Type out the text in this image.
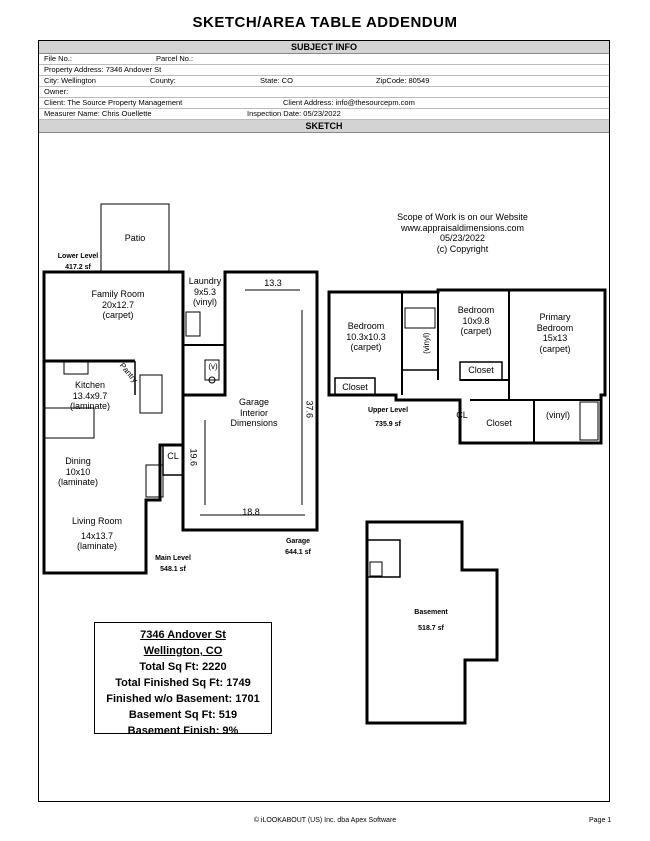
SKETCH/AREA TABLE ADDENDUM
SUBJECT INFO
File No.:	Parcel No.:
Property Address: 7346 Andover St
City: Wellington	County:	State: CO	ZipCode: 80549
Owner:
Client: The Source Property Management	Client Address: info@thesourcepm.com
Measurer Name: Chris Ouellette	Inspection Date: 05/23/2022
SKETCH
Scope of Work is on our Website
www.appraisaldimensions.com
05/23/2022
(c) Copyright
Patio
Lower Level
417.2 sf
Family Room
20x12.7
(carpet)
Laundry
9x5.3
(vinyl)
13.3
(v)
Pantry
Kitchen
13.4x9.7
(laminate)	Garage
Interior
Dimensions
37.6
19.6
CL
Dining
10x10
(laminate)
Living Room
14x13.7
(laminate)
18.8
Main Level
548.1 sf
Garage
644.1 sf
Bedroom
10.3x10.3
(carpet)	(vinyl)
Bedroom
10x9.8
(carpet)
Primary
Bedroom
15x13
(carpet)
Closet
Closet
Closet
CL	(vinyl)
Upper Level
735.9 sf
Basement
518.7 sf
7346 Andover St
Wellington, CO
Total Sq Ft: 2220
Total Finished Sq Ft: 1749
Finished w/o Basement: 1701
Basement Sq Ft: 519
Basement Finish: 9%
© iLOOKABOUT (US) Inc. dba Apex Software	Page 1
